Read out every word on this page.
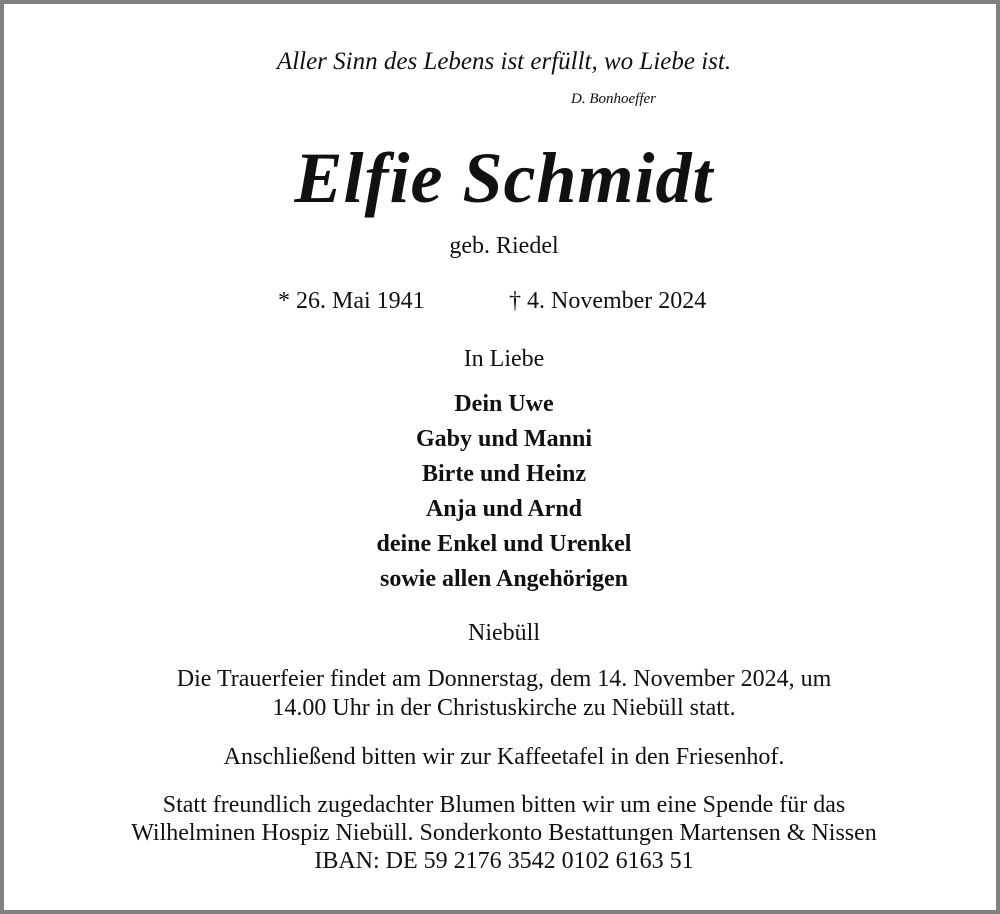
Aller Sinn des Lebens ist erfüllt, wo Liebe ist.

D. Bonhoeffer
Elfie Schmidt

geb. Riedel

* 26. Mai 1941	† 4. November 2024

In Liebe

Dein Uwe
Gaby und Manni
Birte und Heinz
Anja und Arnd
deine Enkel und Urenkel
sowie allen Angehörigen

Niebüll

Die Trauerfeier findet am Donnerstag, dem 14. November 2024, um
14.00 Uhr in der Christuskirche zu Niebüll statt.

Anschließend bitten wir zur Kaffeetafel in den Friesenhof.

Statt freundlich zugedachter Blumen bitten wir um eine Spende für das
Wilhelminen Hospiz Niebüll. Sonderkonto Bestattungen Martensen & Nissen
IBAN: DE 59 2176 3542 0102 6163 51
